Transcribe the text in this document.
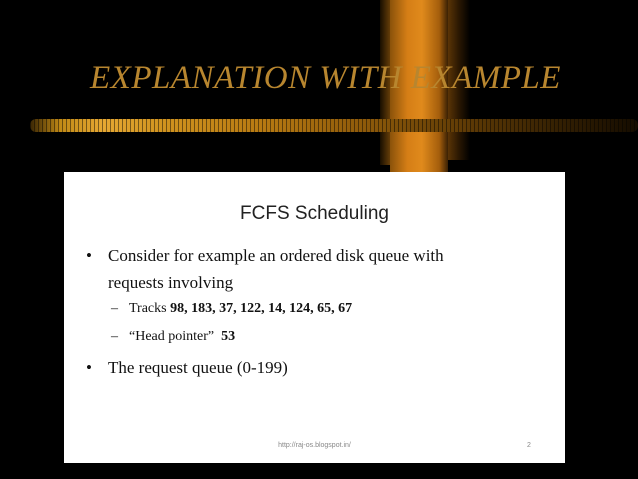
EXPLANATION WITH EXAMPLE
FCFS Scheduling
• Consider for example an ordered disk queue with
requests involving
– Tracks 98, 183, 37, 122, 14, 124, 65, 67
– “Head pointer”  53
• The request queue (0-199)
http://raj-os.blogspot.in/	2
